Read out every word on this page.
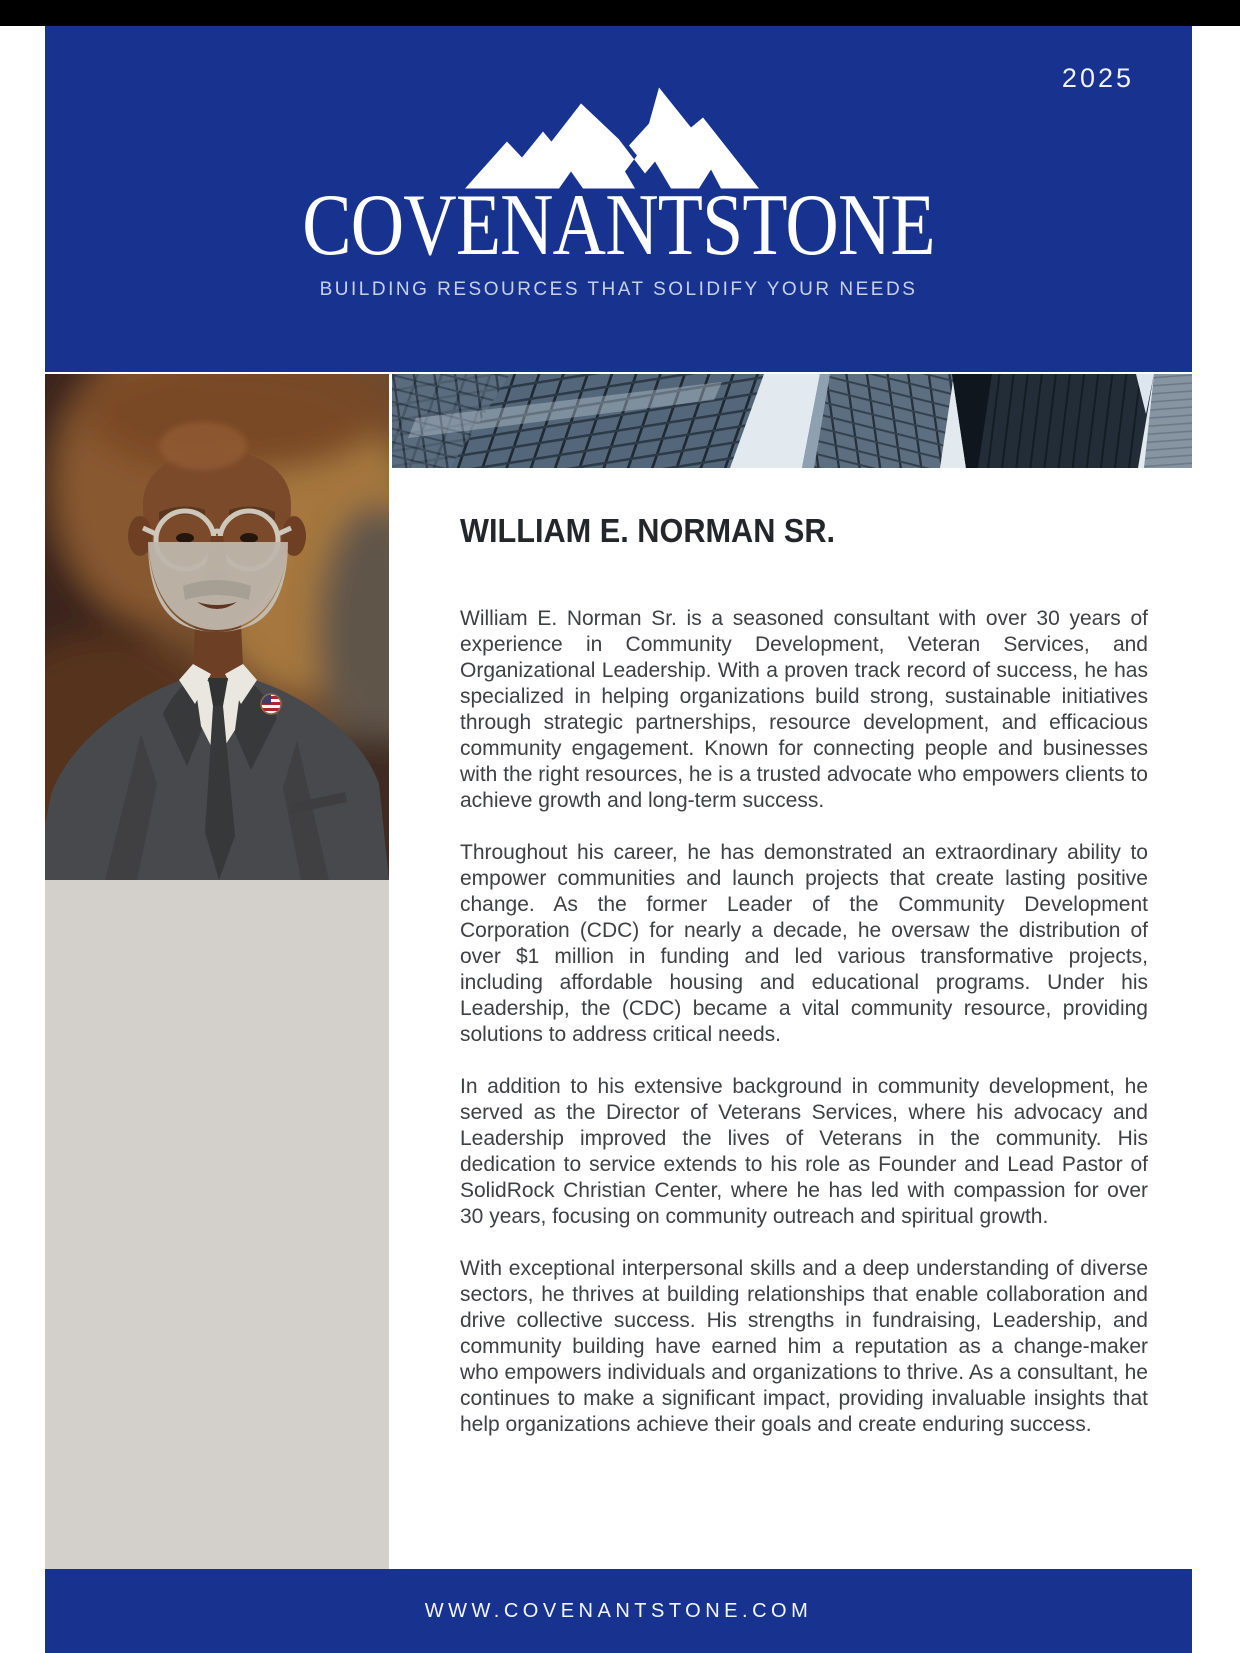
2025
COVENANTSTONE
BUILDING RESOURCES THAT SOLIDIFY YOUR NEEDS
WILLIAM E. NORMAN SR.

William E. Norman Sr. is a seasoned consultant with over 30 years of experience in Community Development, Veteran Services, and Organizational Leadership. With a proven track record of success, he has specialized in helping organizations build strong, sustainable initiatives through strategic partnerships, resource development, and efficacious community engagement. Known for connecting people and businesses with the right resources, he is a trusted advocate who empowers clients to achieve growth and long-term success.

Throughout his career, he has demonstrated an extraordinary ability to empower communities and launch projects that create lasting positive change. As the former Leader of the Community Development Corporation (CDC) for nearly a decade, he oversaw the distribution of over $1 million in funding and led various transformative projects, including affordable housing and educational programs. Under his Leadership, the (CDC) became a vital community resource, providing solutions to address critical needs.

In addition to his extensive background in community development, he served as the Director of Veterans Services, where his advocacy and Leadership improved the lives of Veterans in the community. His dedication to service extends to his role as Founder and Lead Pastor of SolidRock Christian Center, where he has led with compassion for over 30 years, focusing on community outreach and spiritual growth.

With exceptional interpersonal skills and a deep understanding of diverse sectors, he thrives at building relationships that enable collaboration and drive collective success. His strengths in fundraising, Leadership, and community building have earned him a reputation as a change-maker who empowers individuals and organizations to thrive. As a consultant, he continues to make a significant impact, providing invaluable insights that help organizations achieve their goals and create enduring success.

WWW.COVENANTSTONE.COM
